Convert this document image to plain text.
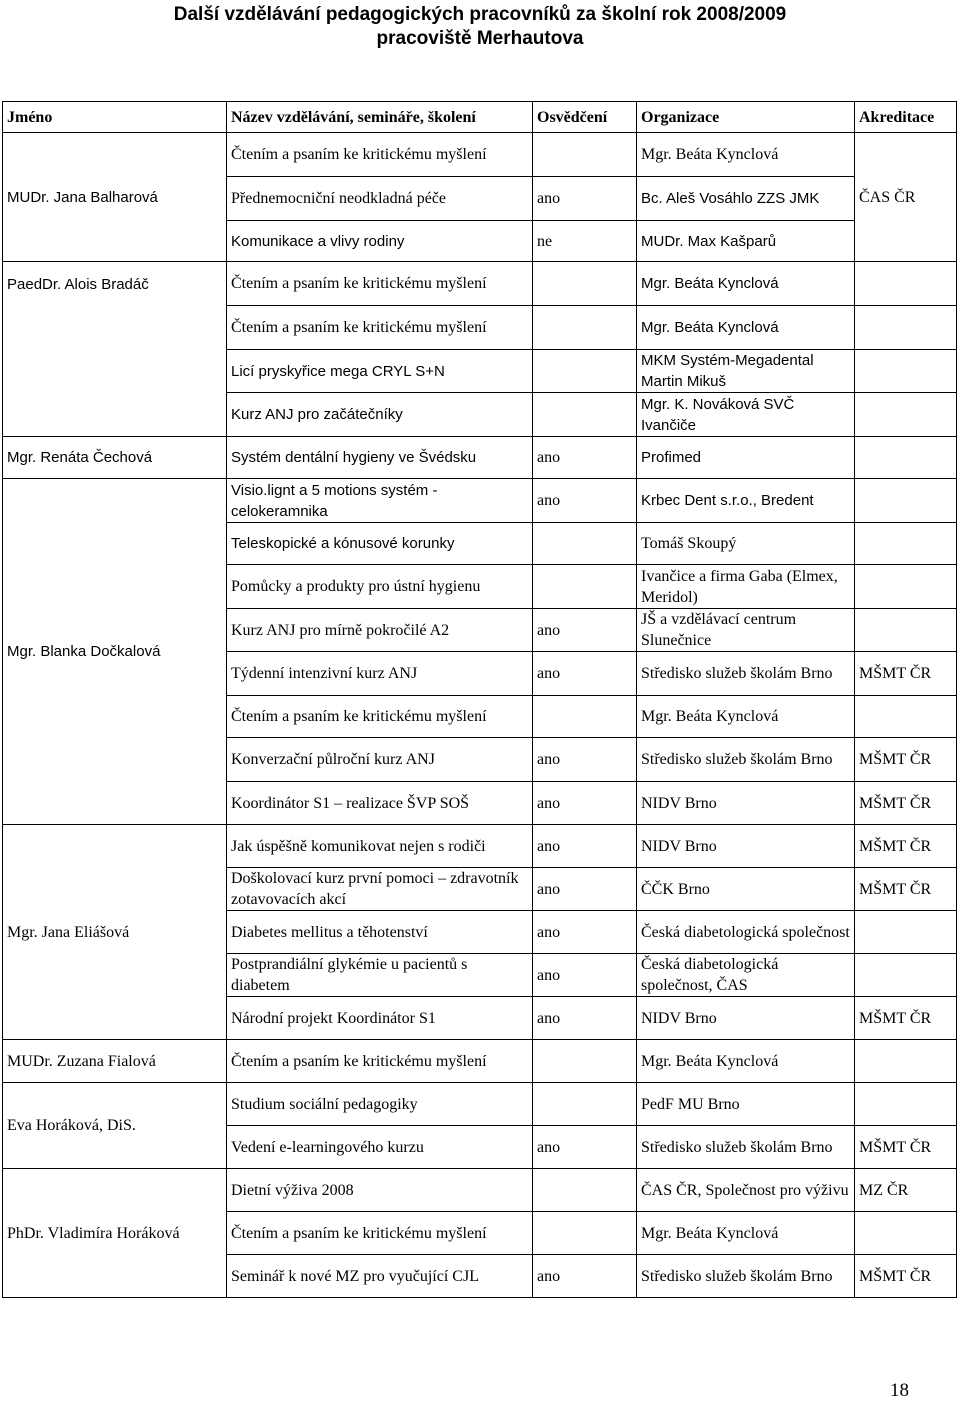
Další vzdělávání pedagogických pracovníků za školní rok 2008/2009
pracoviště Merhautova
Jméno	Název vzdělávání, semináře, školení	Osvědčení	Organizace	Akreditace
MUDr. Jana Balharová	Čtením a psaním ke kritickému myšlení		Mgr. Beáta Kynclová	ČAS ČR
	Přednemocniční neodkladná péče	ano	Bc. Aleš Vosáhlo ZZS JMK	
	Komunikace a vlivy rodiny	ne	MUDr. Max Kašparů	
PaedDr. Alois Bradáč	Čtením a psaním ke kritickému myšlení		Mgr. Beáta Kynclová	
	Čtením a psaním ke kritickému myšlení		Mgr. Beáta Kynclová	
	Licí pryskyřice mega CRYL S+N		MKM Systém-Megadental Martin Mikuš	
	Kurz ANJ pro začátečníky		Mgr. K. Nováková SVČ Ivančiče	
Mgr. Renáta Čechová	Systém dentální hygieny ve Švédsku	ano	Profimed	
Mgr. Blanka Dočkalová	Visio.lignt a 5 motions systém - celokeramnika	ano	Krbec Dent s.r.o., Bredent	
	Teleskopické a kónusové korunky		Tomáš Skoupý	
	Pomůcky a produkty pro ústní hygienu		Ivančice a firma Gaba (Elmex, Meridol)	
	Kurz ANJ pro mírně pokročilé A2	ano	JŠ a vzdělávací centrum Slunečnice	
	Týdenní intenzivní kurz ANJ	ano	Středisko služeb školám Brno	MŠMT ČR
	Čtením a psaním ke kritickému myšlení		Mgr. Beáta Kynclová	
	Konverzační půlroční kurz ANJ	ano	Středisko služeb školám Brno	MŠMT ČR
	Koordinátor S1 – realizace ŠVP SOŠ	ano	NIDV Brno	MŠMT ČR
Mgr. Jana Eliášová	Jak úspěšně komunikovat nejen s rodiči	ano	NIDV Brno	MŠMT ČR
	Doškolovací kurz první pomoci – zdravotník zotavovacích akcí	ano	ČČK Brno	MŠMT ČR
	Diabetes mellitus a těhotenství	ano	Česká diabetologická společnost	
	Postprandiální glykémie u pacientů s diabetem	ano	Česká diabetologická společnost, ČAS	
	Národní projekt Koordinátor S1	ano	NIDV Brno	MŠMT ČR
MUDr. Zuzana Fialová	Čtením a psaním ke kritickému myšlení		Mgr. Beáta Kynclová	
Eva Horáková, DiS.	Studium sociální pedagogiky		PedF MU Brno	
	Vedení e-learningového kurzu	ano	Středisko služeb školám Brno	MŠMT ČR
PhDr. Vladimíra Horáková	Dietní výživa 2008		ČAS ČR, Společnost pro výživu	MZ ČR
	Čtením a psaním ke kritickému myšlení		Mgr. Beáta Kynclová	
	Seminář k nové MZ pro vyučující CJL	ano	Středisko služeb školám Brno	MŠMT ČR
18
